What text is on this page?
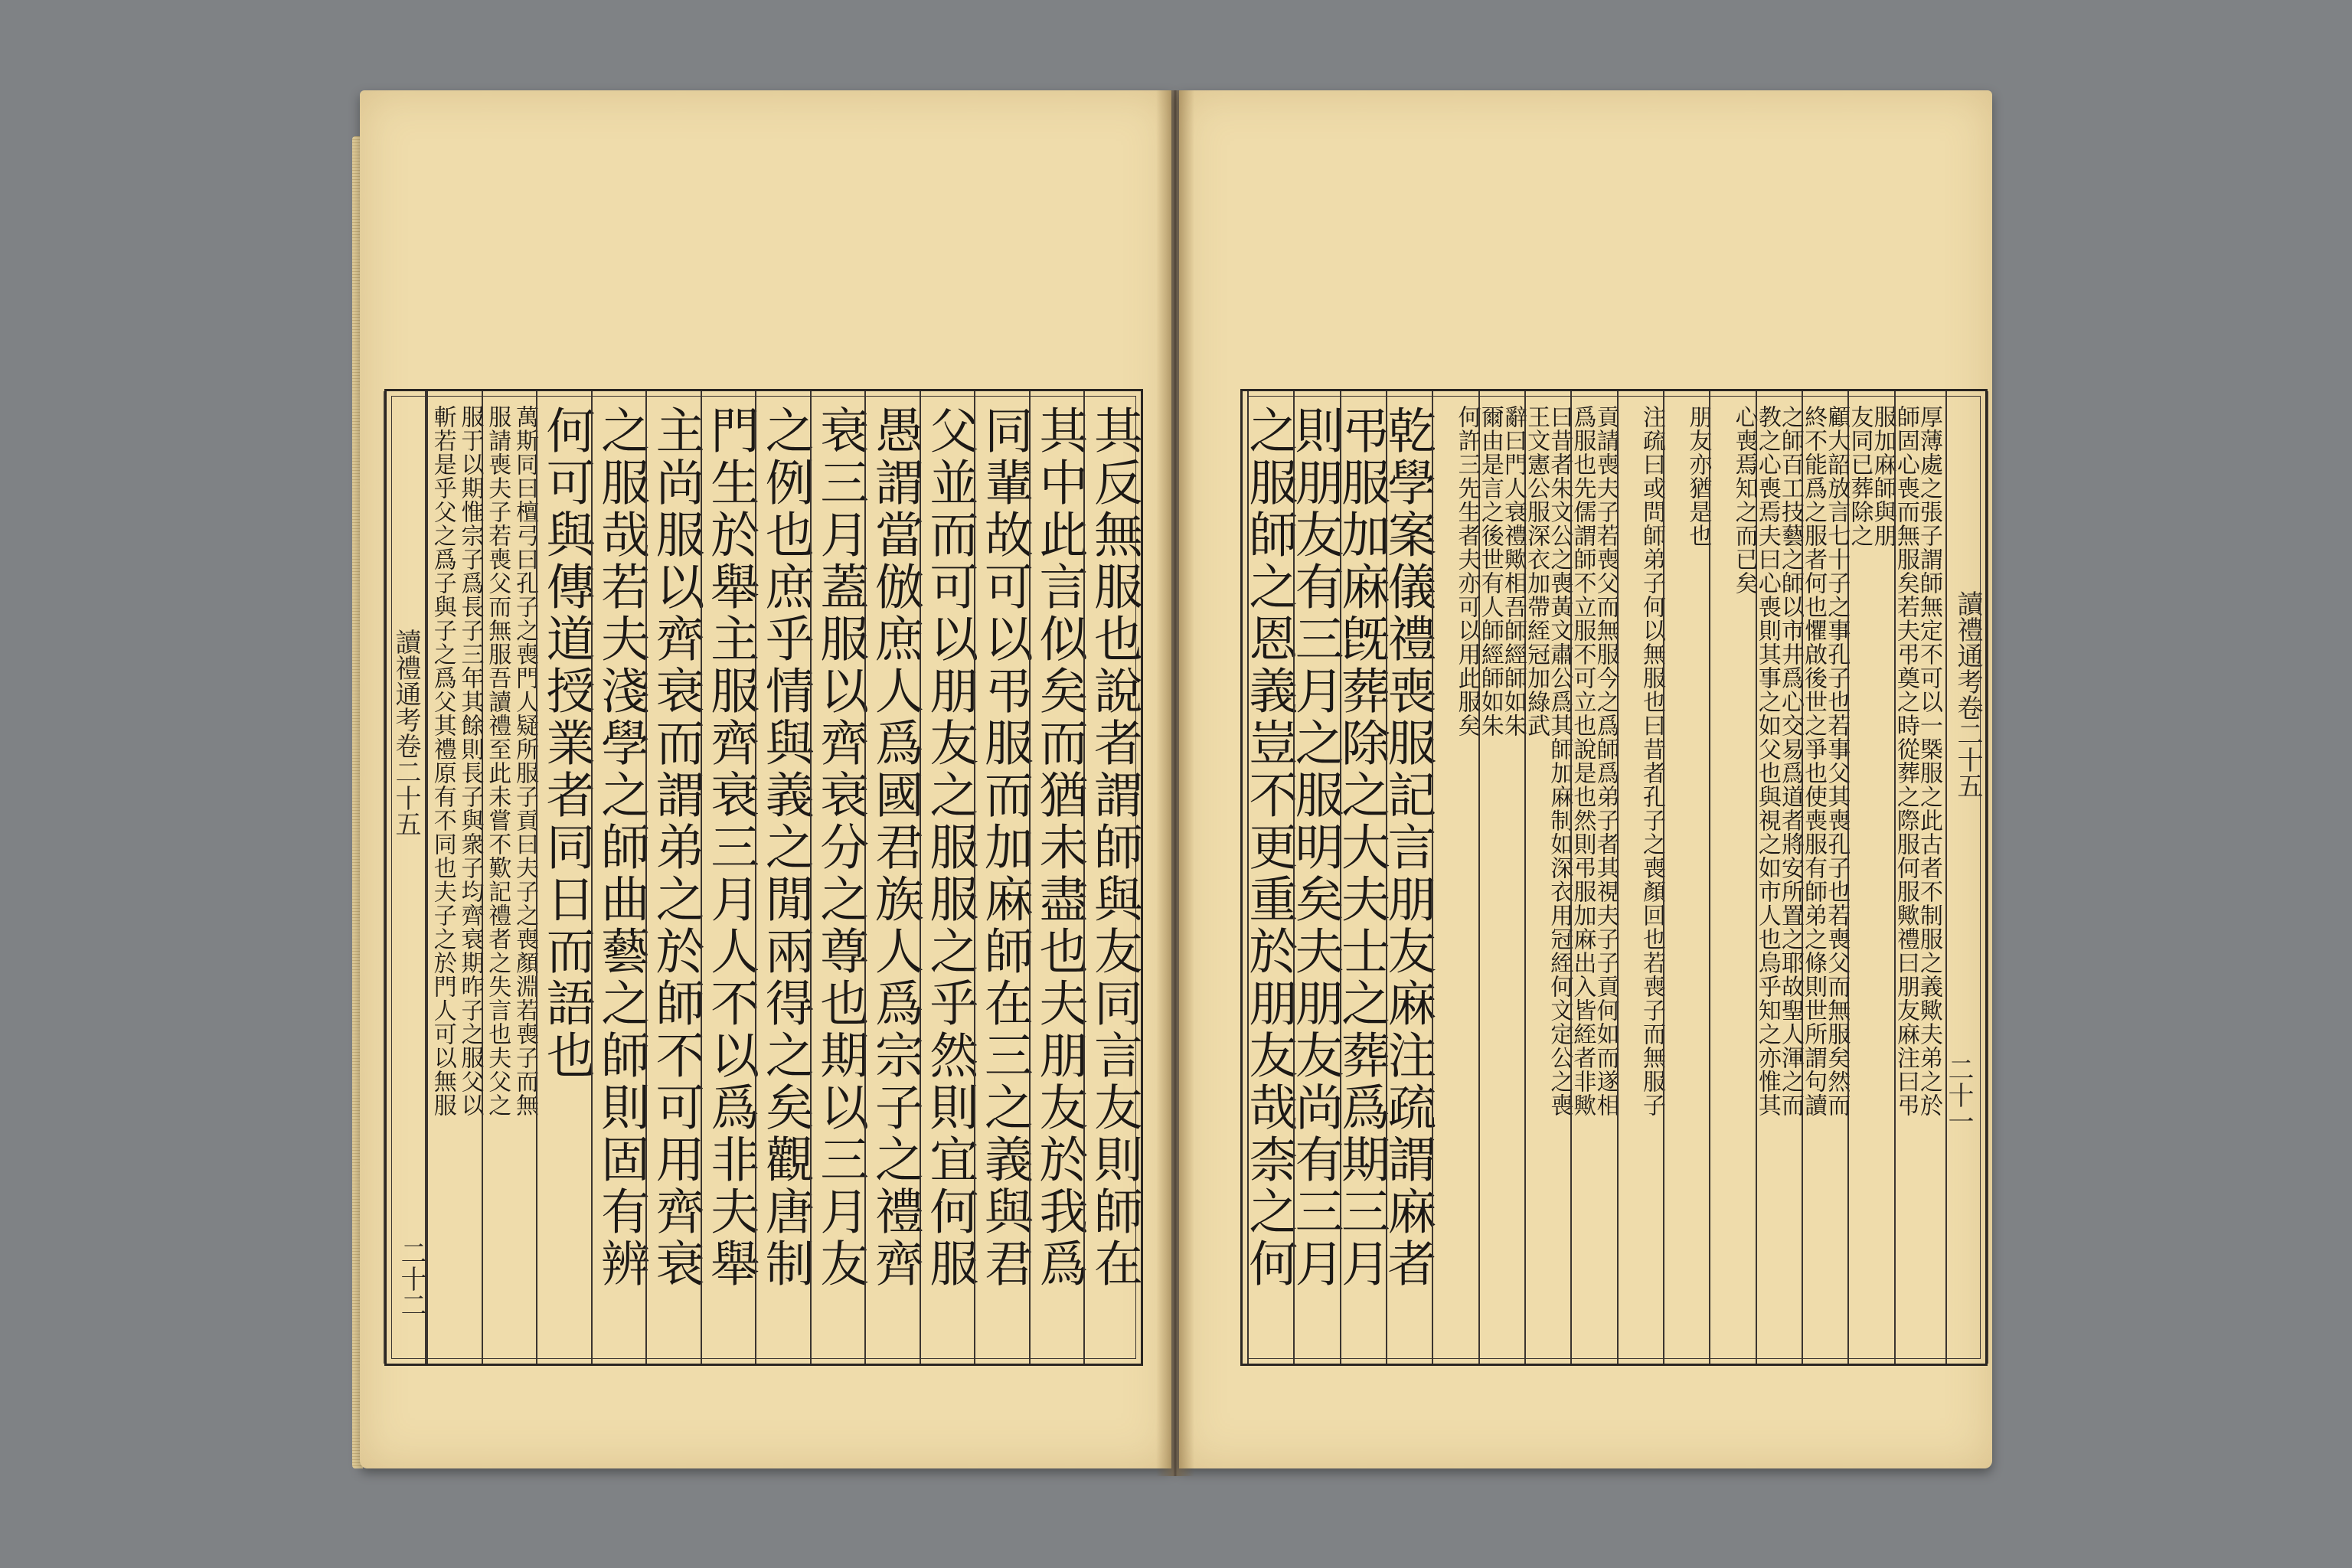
斬若是乎父之爲子與子之爲父其禮原有不同也夫子之於門人可以無服 服于以期惟宗子爲長子三年其餘則長子與衆子均齊衰期昨子之服父以 服請喪夫子若喪父而無服吾讀禮至此未嘗不歎記禮者之失言也夫父之 萬斯同曰檀弓曰孔子之喪門人疑所服子貢曰夫子之喪顏淵若喪子而無 何可與傳道授業者同日而語也
之服哉若夫淺學之師曲藝之師則固有辨
主尚服以齊衰而謂弟之於師不可用齊衰
門生於舉主服齊衰三月人不以爲非夫舉
之例也庶乎情與義之閒兩得之矣觀唐制
衰三月蓋服以齊衰分之尊也期以三月友
愚謂當倣庶人爲國君族人爲宗子之禮齊
父並而可以朋友之服服之乎然則宜何服
同輩故可以弔服而加麻師在三之義與君
其中此言似矣而猶未盡也夫朋友於我爲
其反無服也說者謂師與友同言友則師在
讀禮通考卷二十五
二十二	之服師之恩義豈不更重於朋友哉柰之何
則朋友有三月之服明矣夫朋友尚有三月
弔服加麻旣葬除之大夫士之葬爲期三月
乾學案儀禮喪服記言朋友麻注疏謂麻者 何許三先生者夫亦可以用此服矣
爾由是言之後世有人師經師如朱
辭曰門人衰禮歟相吾師經師如朱
王文憲公服深衣加帶絰冠加綠武
曰昔者朱文公之喪黃文肅公爲其師加麻制如深衣用冠絰何文定公之喪
爲服也先儒謂師不立服不可立也說是也然則弔服加麻出入皆絰者非歟
貢請喪夫子若喪父而無服今之爲師爲弟子者其視夫子子貢何如而遂相 注疏曰或問師弟子何以無服也曰昔者孔子之喪顏回也若喪子而無服子 朋友亦猶是也 心喪焉知之而已矣
教之心喪焉夫曰心喪則其事之如父也與視之如市人也烏乎知之亦惟其
之師百工技藝之師以市井爲心交易爲道者將安所置之耶故聖人渾之而
終不能爲之服者何也懼啟後世之爭也使喪服有師弟之條則世所謂句讀
顧大韶放言七十子之事孔子也若事父其喪孔子也若喪父而無服矣然而
友同已葬除之
服加麻師與朋
師固心喪而無服矣若夫弔奠之時從葬之際服何服歟禮曰朋友麻注曰弔
厚薄處之張子謂師無定不可以一槩服之此古者不制服之義歟夫弟之於 讀禮通考卷二十五
二十一
